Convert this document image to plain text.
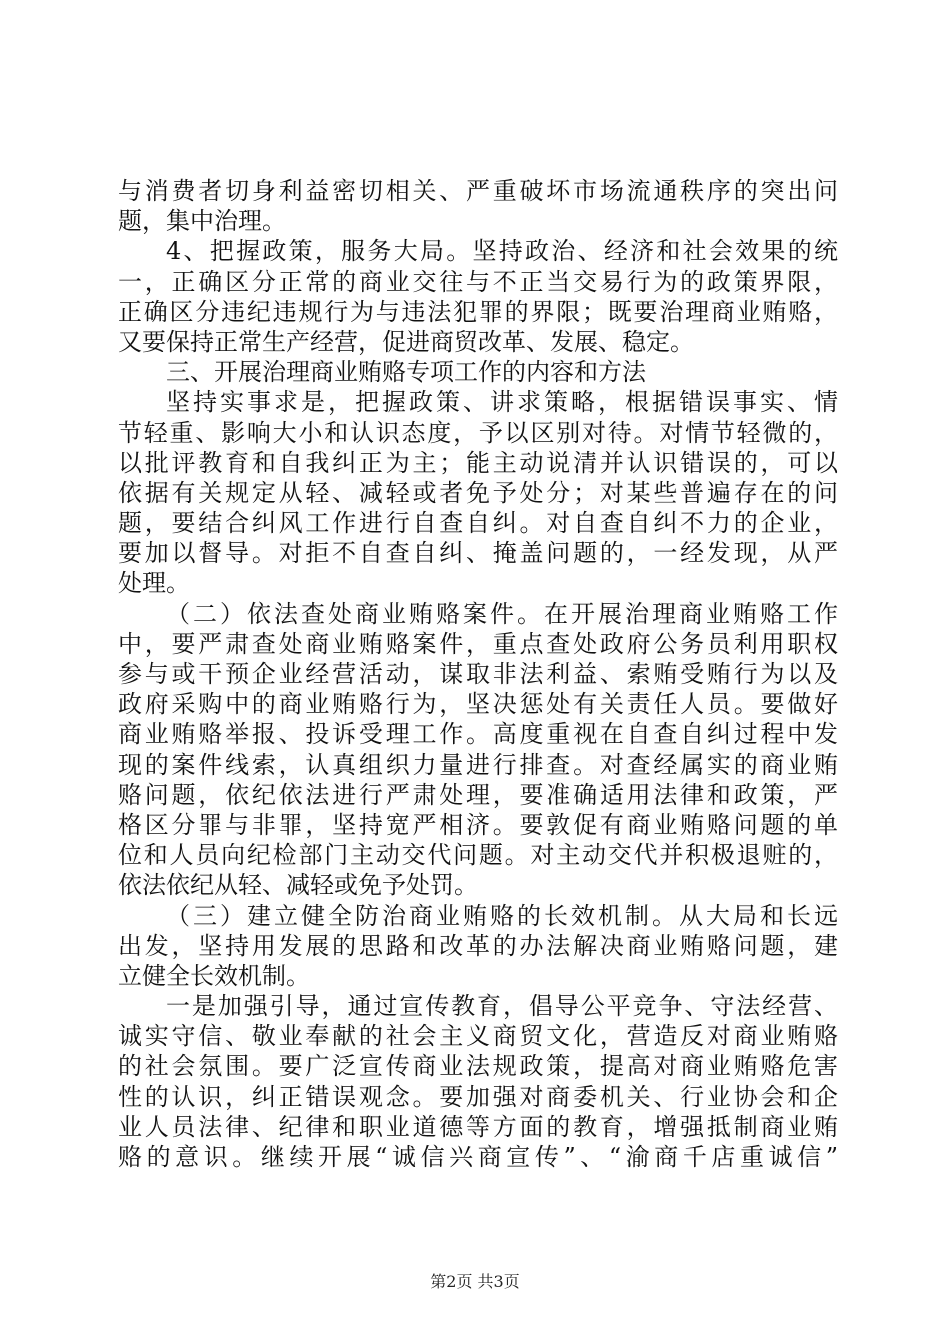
与消费者切身利益密切相关、严重破坏市场流通秩序的突出问
题，集中治理。
4、把握政策，服务大局。坚持政治、经济和社会效果的统
一，正确区分正常的商业交往与不正当交易行为的政策界限，
正确区分违纪违规行为与违法犯罪的界限；既要治理商业贿赂，
又要保持正常生产经营，促进商贸改革、发展、稳定。
三、开展治理商业贿赂专项工作的内容和方法
坚持实事求是，把握政策、讲求策略，根据错误事实、情
节轻重、影响大小和认识态度，予以区别对待。对情节轻微的，
以批评教育和自我纠正为主；能主动说清并认识错误的，可以
依据有关规定从轻、减轻或者免予处分；对某些普遍存在的问
题，要结合纠风工作进行自查自纠。对自查自纠不力的企业，
要加以督导。对拒不自查自纠、掩盖问题的，一经发现，从严
处理。
（二）依法查处商业贿赂案件。在开展治理商业贿赂工作
中，要严肃查处商业贿赂案件，重点查处政府公务员利用职权
参与或干预企业经营活动，谋取非法利益、索贿受贿行为以及
政府采购中的商业贿赂行为，坚决惩处有关责任人员。要做好
商业贿赂举报、投诉受理工作。高度重视在自查自纠过程中发
现的案件线索，认真组织力量进行排查。对查经属实的商业贿
赂问题，依纪依法进行严肃处理，要准确适用法律和政策，严
格区分罪与非罪，坚持宽严相济。要敦促有商业贿赂问题的单
位和人员向纪检部门主动交代问题。对主动交代并积极退赃的，
依法依纪从轻、减轻或免予处罚。
（三）建立健全防治商业贿赂的长效机制。从大局和长远
出发，坚持用发展的思路和改革的办法解决商业贿赂问题，建
立健全长效机制。
一是加强引导，通过宣传教育，倡导公平竞争、守法经营、
诚实守信、敬业奉献的社会主义商贸文化，营造反对商业贿赂
的社会氛围。要广泛宣传商业法规政策，提高对商业贿赂危害
性的认识，纠正错误观念。要加强对商委机关、行业协会和企
业人员法律、纪律和职业道德等方面的教育，增强抵制商业贿
赂的意识。继续开展“诚信兴商宣传”、“渝商千店重诚信”
第2页 共3页
